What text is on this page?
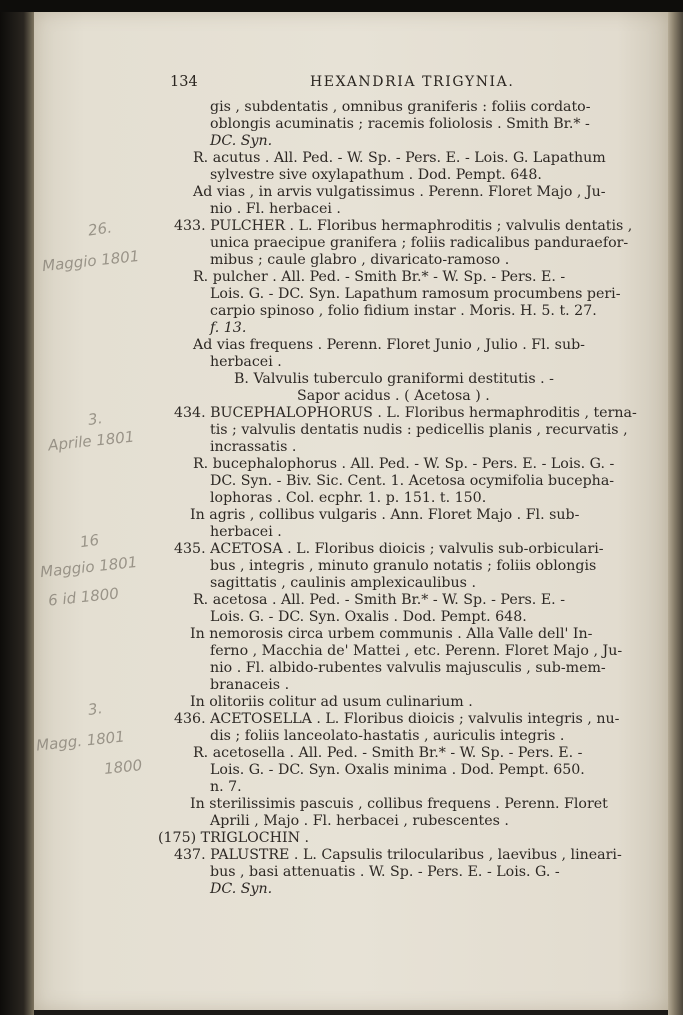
134	HEXANDRIA TRIGYNIA.
gis , subdentatis , omnibus graniferis : foliis cordato-
oblongis acuminatis ; racemis foliolosis . Smith Br.* -
DC. Syn.
R. acutus . All. Ped. - W. Sp. - Pers. E. - Lois. G. Lapathum
sylvestre sive oxylapathum . Dod. Pempt. 648.
Ad vias , in arvis vulgatissimus . Perenn. Floret Majo , Ju-
nio . Fl. herbacei .
433. PULCHER . L. Floribus hermaphroditis ; valvulis dentatis ,
unica praecipue granifera ; foliis radicalibus panduraefor-
mibus ; caule glabro , divaricato-ramoso .
R. pulcher . All. Ped. - Smith Br.* - W. Sp. - Pers. E. -
Lois. G. - DC. Syn. Lapathum ramosum procumbens peri-
carpio spinoso , folio fidium instar . Moris. H. 5. t. 27.
f. 13.
Ad vias frequens . Perenn. Floret Junio , Julio . Fl. sub-
herbacei .
B. Valvulis tuberculo graniformi destitutis . -
Sapor acidus . ( Acetosa ) .
434. BUCEPHALOPHORUS . L. Floribus hermaphroditis , terna-
tis ; valvulis dentatis nudis : pedicellis planis , recurvatis ,
incrassatis .
R. bucephalophorus . All. Ped. - W. Sp. - Pers. E. - Lois. G. -
DC. Syn. - Biv. Sic. Cent. 1. Acetosa ocymifolia bucepha-
lophoras . Col. ecphr. 1. p. 151. t. 150.
In agris , collibus vulgaris . Ann. Floret Majo . Fl. sub-
herbacei .
435. ACETOSA . L. Floribus dioicis ; valvulis sub-orbiculari-
bus , integris , minuto granulo notatis ; foliis oblongis
sagittatis , caulinis amplexicaulibus .
R. acetosa . All. Ped. - Smith Br.* - W. Sp. - Pers. E. -
Lois. G. - DC. Syn. Oxalis . Dod. Pempt. 648.
In nemorosis circa urbem communis . Alla Valle dell' In-
ferno , Macchia de' Mattei , etc. Perenn. Floret Majo , Ju-
nio . Fl. albido-rubentes valvulis majusculis , sub-mem-
branaceis .
In olitoriis colitur ad usum culinarium .
436. ACETOSELLA . L. Floribus dioicis ; valvulis integris , nu-
dis ; foliis lanceolato-hastatis , auriculis integris .
R. acetosella . All. Ped. - Smith Br.* - W. Sp. - Pers. E. -
Lois. G. - DC. Syn. Oxalis minima . Dod. Pempt. 650.
n. 7.
In sterilissimis pascuis , collibus frequens . Perenn. Floret
Aprili , Majo . Fl. herbacei , rubescentes .
(175) TRIGLOCHIN .
437. PALUSTRE . L. Capsulis trilocularibus , laevibus , lineari-
bus , basi attenuatis . W. Sp. - Pers. E. - Lois. G. -
DC. Syn.
26.
Maggio 1801
3.
Aprile 1801
16
Maggio 1801
6 id 1800
3.
Magg. 1801
1800
